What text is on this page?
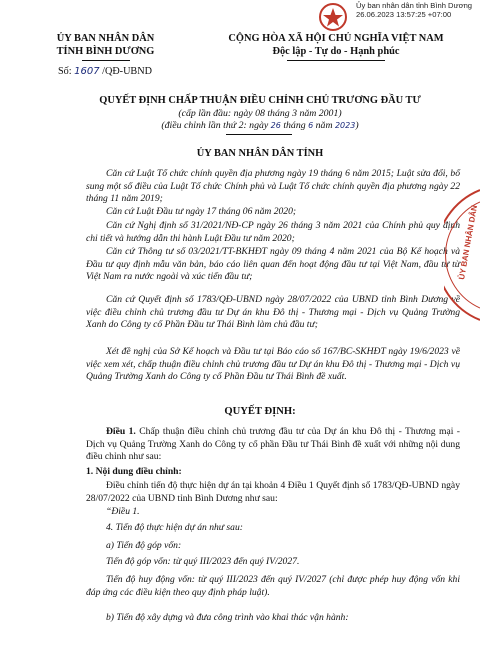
Ủy ban nhân dân tỉnh Bình Dương
26.06.2023 13:57:25 +07:00
ỦY BAN NHÂN DÂN
TỈNH BÌNH DƯƠNG
CỘNG HÒA XÃ HỘI CHỦ NGHĨA VIỆT NAM
Độc lập - Tự do - Hạnh phúc
Số: 1607 /QĐ-UBND
QUYẾT ĐỊNH CHẤP THUẬN ĐIỀU CHỈNH CHỦ TRƯƠNG ĐẦU TƯ
(cấp lần đầu: ngày 08 tháng 3 năm 2001)
(điều chỉnh lần thứ 2: ngày 26 tháng 6 năm 2023)
ỦY BAN NHÂN DÂN TỈNH
Căn cứ Luật Tổ chức chính quyền địa phương ngày 19 tháng 6 năm 2015; Luật sửa đổi, bổ sung một số điều của Luật Tổ chức Chính phủ và Luật Tổ chức chính quyền địa phương ngày 22 tháng 11 năm 2019;
Căn cứ Luật Đầu tư ngày 17 tháng 06 năm 2020;
Căn cứ Nghị định số 31/2021/NĐ-CP ngày 26 tháng 3 năm 2021 của Chính phủ quy định chi tiết và hướng dẫn thi hành Luật Đầu tư năm 2020;
Căn cứ Thông tư số 03/2021/TT-BKHĐT ngày 09 tháng 4 năm 2021 của Bộ Kế hoạch và Đầu tư quy định mẫu văn bản, báo cáo liên quan đến hoạt động đầu tư tại Việt Nam, đầu tư từ Việt Nam ra nước ngoài và xúc tiến đầu tư;
Căn cứ Quyết định số 1783/QĐ-UBND ngày 28/07/2022 của UBND tỉnh Bình Dương về việc điều chỉnh chủ trương đầu tư Dự án khu Đô thị - Thương mại - Dịch vụ Quảng Trường Xanh do Công ty cổ Phần Đầu tư Thái Bình làm chủ đầu tư;
Xét đề nghị của Sở Kế hoạch và Đầu tư tại Báo cáo số 167/BC-SKHĐT ngày 19/6/2023 về việc xem xét, chấp thuận điều chỉnh chủ trương đầu tư Dự án khu Đô thị - Thương mại - Dịch vụ Quảng Trường Xanh do Công ty cổ Phần Đầu tư Thái Bình đề xuất.
QUYẾT ĐỊNH:
Điều 1. Chấp thuận điều chỉnh chủ trương đầu tư của Dự án khu Đô thị - Thương mại - Dịch vụ Quảng Trường Xanh do Công ty cổ phần Đầu tư Thái Bình đề xuất với những nội dung điều chỉnh như sau:
1. Nội dung điều chỉnh:
Điều chỉnh tiến độ thực hiện dự án tại khoản 4 Điều 1 Quyết định số 1783/QĐ-UBND ngày 28/07/2022 của UBND tỉnh Bình Dương như sau:
“Điều 1.
4. Tiến độ thực hiện dự án như sau:
a) Tiến độ góp vốn:
Tiến độ góp vốn: từ quý III/2023 đến quý IV/2027.
Tiến độ huy động vốn: từ quý III/2023 đến quý IV/2027 (chỉ được phép huy động vốn khi đáp ứng các điều kiện theo quy định pháp luật).
b) Tiến độ xây dựng và đưa công trình vào khai thác vận hành:
ỦY BAN NHÂN DÂN
